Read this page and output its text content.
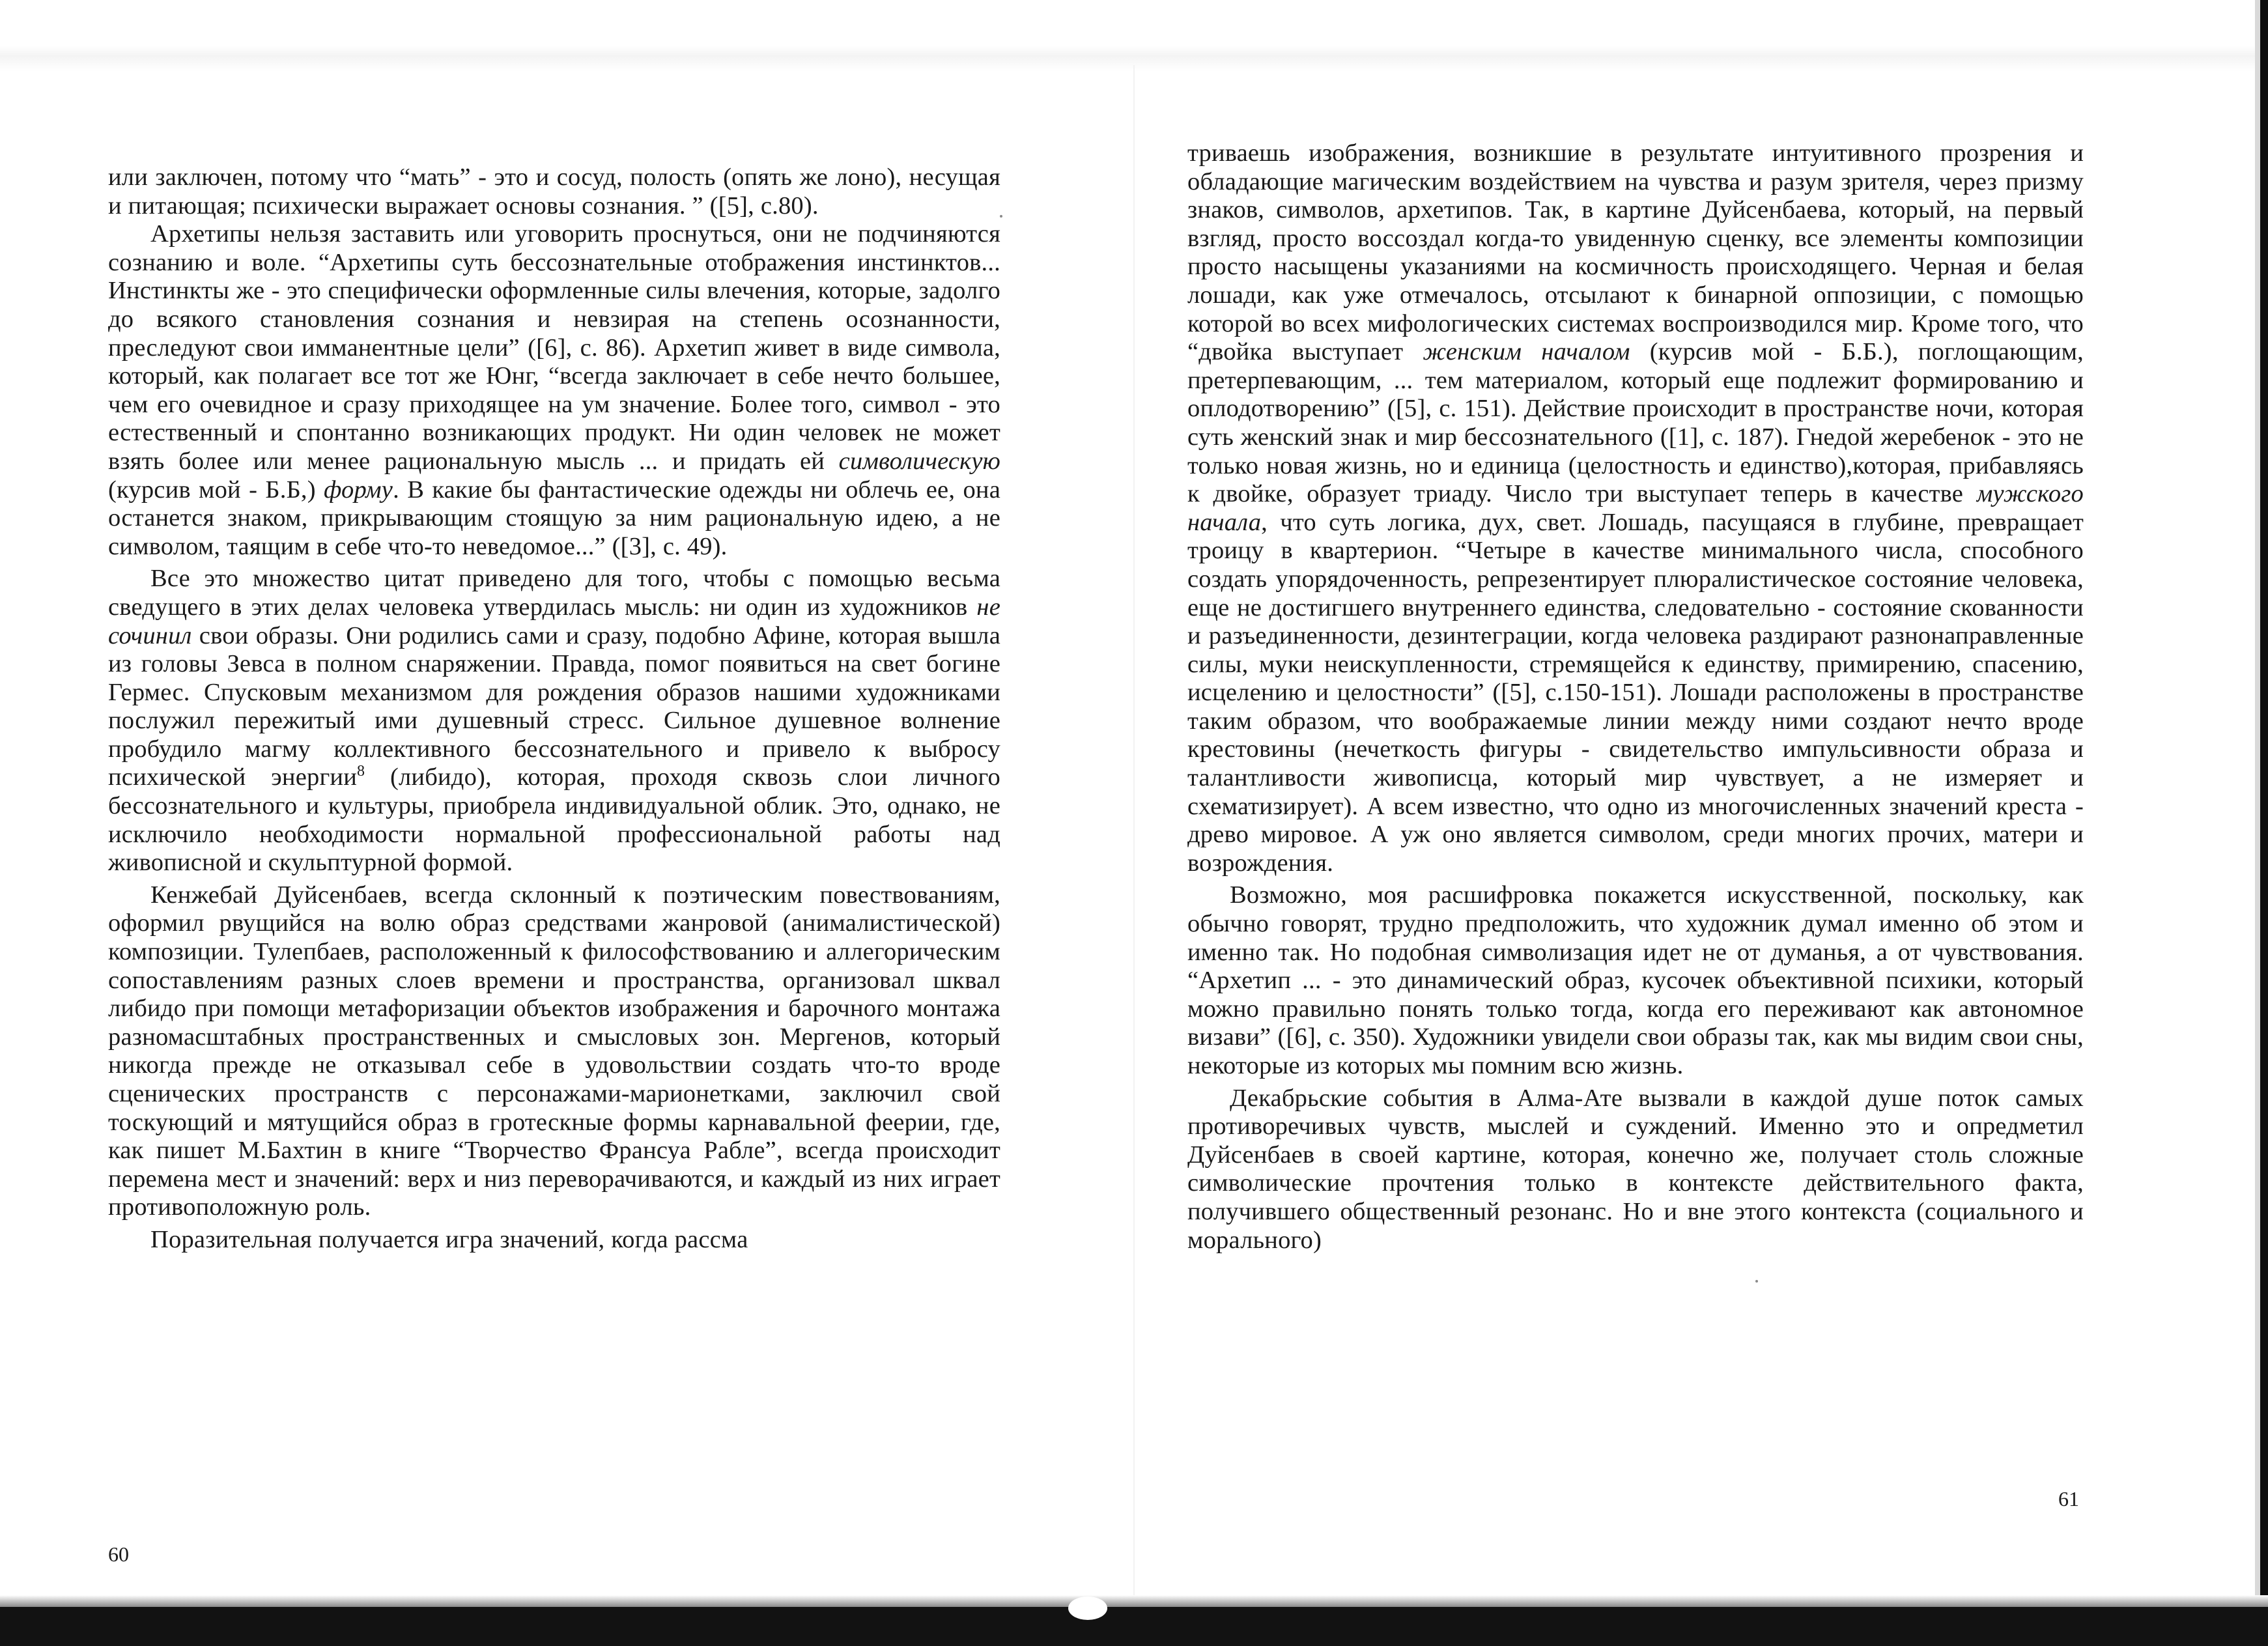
или заключен, потому что “мать” - это и сосуд, полость (опять же лоно), несущая и питающая; психически выражает основы сознания. ” ([5], с.80).

Архетипы нельзя заставить или уговорить проснуться, они не подчиняются сознанию и воле. “Архетипы суть бессознательные отображения инстинктов... Инстинкты же - это специфически оформленные силы влечения, которые, задолго до всякого становления сознания и невзирая на степень осознанности, преследуют свои имманентные цели” ([6], с. 86). Архетип живет в виде символа, который, как полагает все тот же Юнг, “всегда заключает в себе нечто большее, чем его очевидное и сразу приходящее на ум значение. Более того, символ - это естественный и спонтанно возникающих продукт. Ни один человек не может взять более или менее рациональную мысль ... и придать ей символическую (курсив мой - Б.Б,) форму. В какие бы фантастические одежды ни облечь ее, она останется знаком, прикрывающим стоящую за ним рациональную идею, а не символом, таящим в себе что-то неведомое...” ([3], с. 49).

Все это множество цитат приведено для того, чтобы с помощью весьма сведущего в этих делах человека утвердилась мысль: ни один из художников не сочинил свои образы. Они родились сами и сразу, подобно Афине, которая вышла из головы Зевса в полном снаряжении. Правда, помог появиться на свет богине Гермес. Спусковым механизмом для рождения образов нашими художниками послужил пережитый ими душевный стресс. Сильное душевное волнение пробудило магму коллективного бессознательного и привело к выбросу психической энергии$^8$ (либидо), которая, проходя сквозь слои личного бессознательного и культуры, приобрела индивидуальной облик. Это, однако, не исключило необходимости нормальной профессиональной работы над живописной и скульптурной формой.

Кенжебай Дуйсенбаев, всегда склонный к поэтическим повествованиям, оформил рвущийся на волю образ средствами жанровой (анималистической) композиции. Тулепбаев, расположенный к философствованию и аллегорическим сопоставлениям разных слоев времени и пространства, организовал шквал либидо при помощи метафоризации объектов изображения и барочного монтажа разномасштабных пространственных и смысловых зон. Мергенов, который никогда прежде не отказывал себе в удовольствии создать что-то вроде сценических пространств с персонажами-марионетками, заключил свой тоскующий и мятущийся образ в гротескные формы карнавальной феерии, где, как пишет М.Бахтин в книге “Творчество Франсуа Рабле”, всегда происходит перемена мест и значений: верх и низ переворачиваются, и каждый из них играет противоположную роль.

Поразительная получается игра значений, когда рассма

триваешь изображения, возникшие в результате интуитивного прозрения и обладающие магическим воздействием на чувства и разум зрителя, через призму знаков, символов, архетипов. Так, в картине Дуйсенбаева, который, на первый взгляд, просто воссоздал когда-то увиденную сценку, все элементы композиции просто насыщены указаниями на космичность происходящего. Черная и белая лошади, как уже отмечалось, отсылают к бинарной оппозиции, с помощью которой во всех мифологических системах воспроизводился мир. Кроме того, что “двойка выступает женским началом (курсив мой - Б.Б.), поглощающим, претерпевающим, ... тем материалом, который еще подлежит формированию и оплодотворению” ([5], с. 151). Действие происходит в пространстве ночи, которая суть женский знак и мир бессознательного ([1], с. 187). Гнедой жеребенок - это не только новая жизнь, но и единица (целостность и единство),которая, прибавляясь к двойке, образует триаду. Число три выступает теперь в качестве мужского начала, что суть логика, дух, свет. Лошадь, пасущаяся в глубине, превращает троицу в квартерион. “Четыре в качестве минимального числа, способного создать упорядоченность, репрезентирует плюралистическое состояние человека, еще не достигшего внутреннего единства, следовательно - состояние скованности и разъединенности, дезинтеграции, когда человека раздирают разнонаправленные силы, муки неискупленности, стремящейся к единству, примирению, спасению, исцелению и целостности” ([5], с.150-151). Лошади расположены в пространстве таким образом, что воображаемые линии между ними создают нечто вроде крестовины (нечеткость фигуры - свидетельство импульсивности образа и талантливости живописца, который мир чувствует, а не измеряет и схематизирует). А всем известно, что одно из многочисленных значений креста - древо мировое. А уж оно является символом, среди многих прочих, матери и возрождения.

Возможно, моя расшифровка покажется искусственной, поскольку, как обычно говорят, трудно предположить, что художник думал именно об этом и именно так. Но подобная символизация идет не от думанья, а от чувствования. “Архетип ... - это динамический образ, кусочек объективной психики, который можно правильно понять только тогда, когда его переживают как автономное визави” ([6], с. 350). Художники увидели свои образы так, как мы видим свои сны, некоторые из которых мы помним всю жизнь.

Декабрьские события в Алма-Ате вызвали в каждой душе поток самых противоречивых чувств, мыслей и суждений. Именно это и опредметил Дуйсенбаев в своей картине, которая, конечно же, получает столь сложные символические прочтения только в контексте действительного факта, получившего общественный резонанс. Но и вне этого контекста (социального и морального)

60
61
